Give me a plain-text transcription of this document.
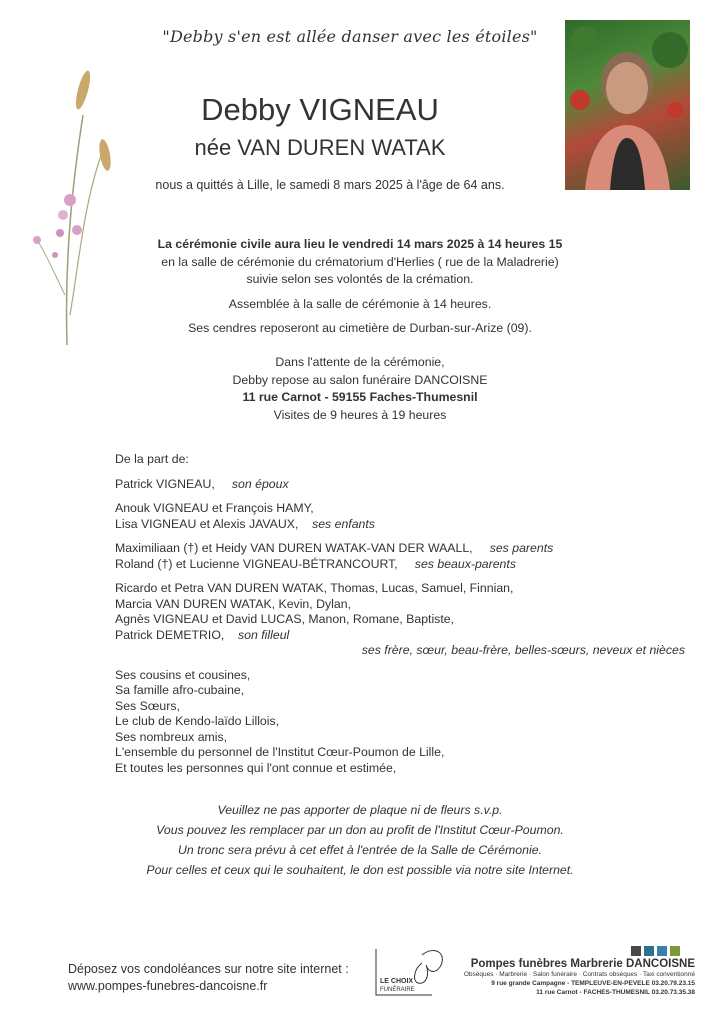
"Debby s'en est allée danser avec les étoiles"
Debby VIGNEAU
née VAN DUREN WATAK
nous a quittés à Lille, le samedi 8 mars 2025 à l'âge de 64 ans.
La cérémonie civile aura lieu le vendredi 14 mars 2025 à 14 heures 15
en la salle de cérémonie du crématorium d'Herlies ( rue de la Maladrerie)
suivie selon ses volontés de la crémation.
Assemblée à la salle de cérémonie à 14 heures.
Ses cendres reposeront au cimetière de Durban-sur-Arize (09).
Dans l'attente de la cérémonie,
Debby repose au salon funéraire DANCOISNE
11 rue Carnot - 59155 Faches-Thumesnil
Visites de 9 heures à 19 heures
De la part de:
Patrick VIGNEAU, son époux
Anouk VIGNEAU et François HAMY,
Lisa VIGNEAU et Alexis JAVAUX, ses enfants
Maximiliaan (†) et Heidy VAN DUREN WATAK-VAN DER WAALL, ses parents
Roland (†) et Lucienne VIGNEAU-BÉTRANCOURT, ses beaux-parents
Ricardo et Petra VAN DUREN WATAK, Thomas, Lucas, Samuel, Finnian,
Marcia VAN DUREN WATAK, Kevin, Dylan,
Agnès VIGNEAU et David LUCAS, Manon, Romane, Baptiste,
Patrick DEMETRIO, son filleul
ses frère, sœur, beau-frère, belles-sœurs, neveux et nièces
Ses cousins et cousines,
Sa famille afro-cubaine,
Ses Sœurs,
Le club de Kendo-laïdo Lillois,
Ses nombreux amis,
L'ensemble du personnel de l'Institut Cœur-Poumon de Lille,
Et toutes les personnes qui l'ont connue et estimée,
Veuillez ne pas apporter de plaque ni de fleurs s.v.p.
Vous pouvez les remplacer par un don au profit de l'Institut Cœur-Poumon.
Un tronc sera prévu à cet effet à l'entrée de la Salle de Cérémonie.
Pour celles et ceux qui le souhaitent, le don est possible via notre site Internet.
Déposez vos condoléances sur notre site internet :
www.pompes-funebres-dancoisne.fr	LE CHOIX
FUNÉRAIRE
Pompes funèbres Marbrerie DANCOISNE
Obsèques · Marbrerie · Salon funéraire · Contrats obsèques · Taxi conventionné
9 rue grande Campagne - TEMPLEUVE-EN-PEVELE 03.20.79.23.15
11 rue Carnot - FACHES-THUMESNIL 03.20.73.35.38
